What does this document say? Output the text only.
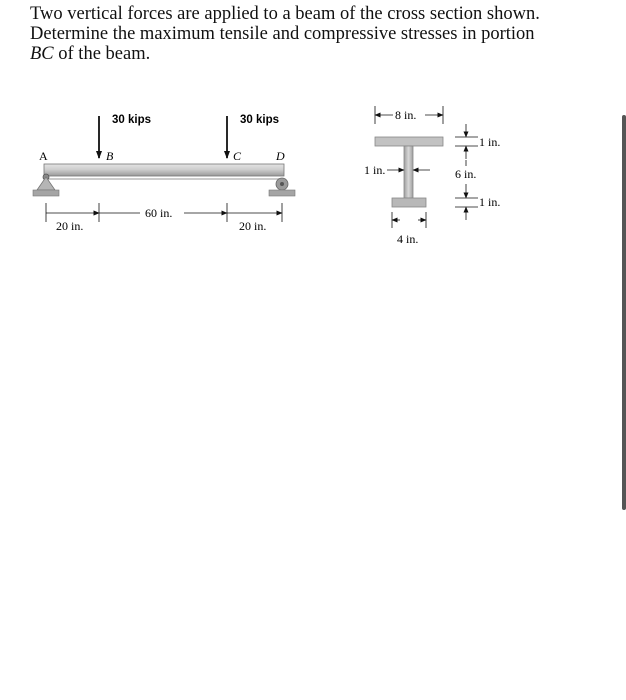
Two vertical forces are applied to a beam of the cross section shown.
Determine the maximum tensile and compressive stresses in portion
BC of the beam.

30 kips	30 kips
A	B	C	D
20 in.
60 in.
20 in.
8 in.
1 in.
6 in.
1 in.
1 in.
4 in.
